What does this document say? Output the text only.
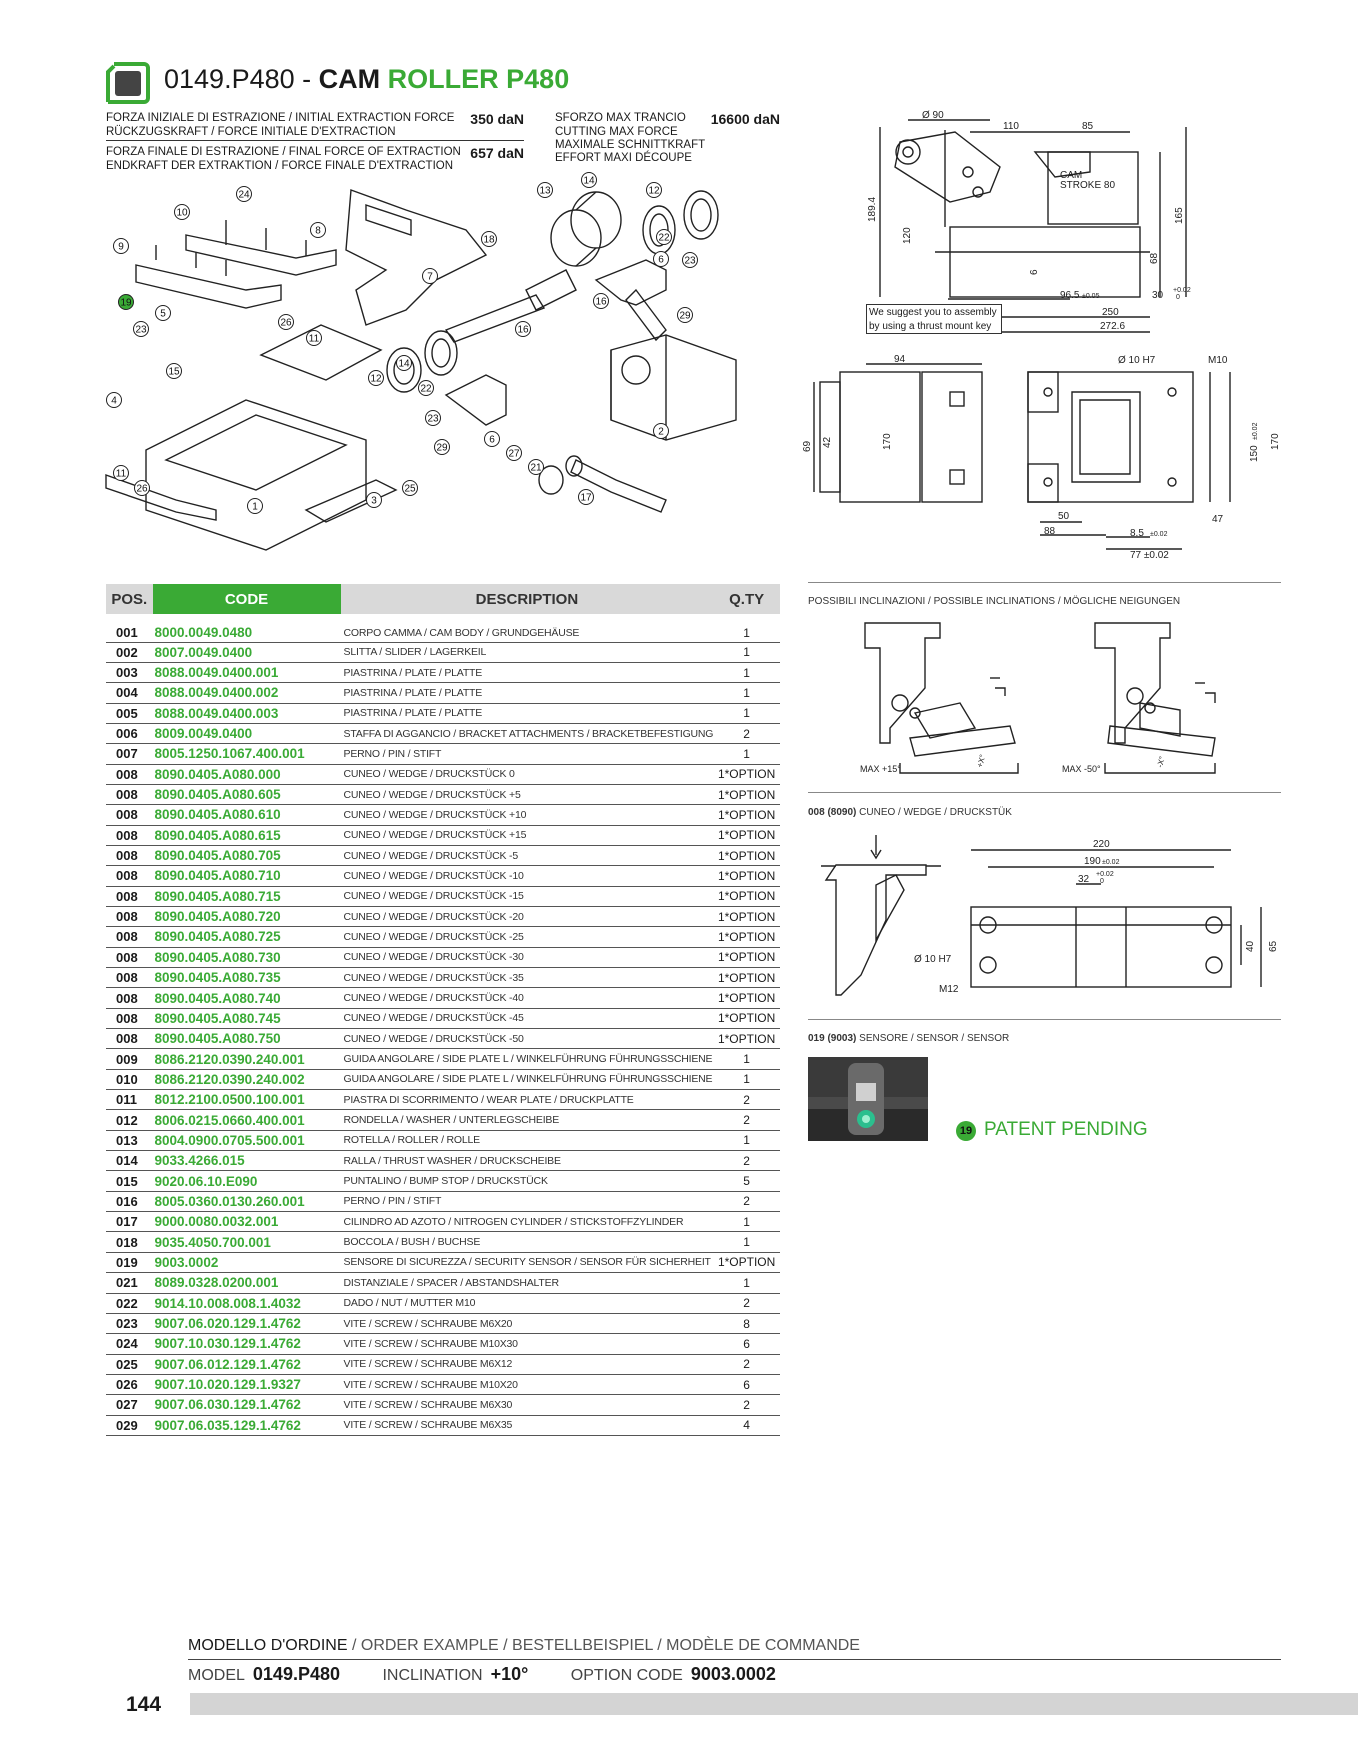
0149.P480 - CAM ROLLER P480
FORZA INIZIALE DI ESTRAZIONE / INITIAL EXTRACTION FORCE
RÜCKZUGSKRAFT / FORCE INITIALE D'EXTRACTION
350 daN
FORZA FINALE DI ESTRAZIONE / FINAL FORCE OF EXTRACTION
ENDKRAFT DER EXTRAKTION / FORCE FINALE D'EXTRACTION
657 daN
SFORZO MAX TRANCIO
CUTTING MAX FORCE
MAXIMALE SCHNITTKRAFT
EFFORT MAXI DÉCOUPE
16600 daN
24
10
9
19
8
13
14
12
22
6 23
18
7
16
29
5
23
15
4
26
11
12
14
22
23
29
6
27
21
16
2
17
11
26
1
3
25
POS.	CODE	DESCRIPTION	Q.TY
001	8000.0049.0480	CORPO CAMMA / CAM BODY / GRUNDGEHÄUSE	1
002	8007.0049.0400	SLITTA / SLIDER / LAGERKEIL	1
003	8088.0049.0400.001	PIASTRINA / PLATE / PLATTE	1
004	8088.0049.0400.002	PIASTRINA / PLATE / PLATTE	1
005	8088.0049.0400.003	PIASTRINA / PLATE / PLATTE	1
006	8009.0049.0400	STAFFA DI AGGANCIO / BRACKET ATTACHMENTS / BRACKETBEFESTIGUNG	2
007	8005.1250.1067.400.001	PERNO / PIN / STIFT	1
008	8090.0405.A080.000	CUNEO / WEDGE / DRUCKSTÜCK 0	1*OPTION
008	8090.0405.A080.605	CUNEO / WEDGE / DRUCKSTÜCK +5	1*OPTION
008	8090.0405.A080.610	CUNEO / WEDGE / DRUCKSTÜCK +10	1*OPTION
008	8090.0405.A080.615	CUNEO / WEDGE / DRUCKSTÜCK +15	1*OPTION
008	8090.0405.A080.705	CUNEO / WEDGE / DRUCKSTÜCK -5	1*OPTION
008	8090.0405.A080.710	CUNEO / WEDGE / DRUCKSTÜCK -10	1*OPTION
008	8090.0405.A080.715	CUNEO / WEDGE / DRUCKSTÜCK -15	1*OPTION
008	8090.0405.A080.720	CUNEO / WEDGE / DRUCKSTÜCK -20	1*OPTION
008	8090.0405.A080.725	CUNEO / WEDGE / DRUCKSTÜCK -25	1*OPTION
008	8090.0405.A080.730	CUNEO / WEDGE / DRUCKSTÜCK -30	1*OPTION
008	8090.0405.A080.735	CUNEO / WEDGE / DRUCKSTÜCK -35	1*OPTION
008	8090.0405.A080.740	CUNEO / WEDGE / DRUCKSTÜCK -40	1*OPTION
008	8090.0405.A080.745	CUNEO / WEDGE / DRUCKSTÜCK -45	1*OPTION
008	8090.0405.A080.750	CUNEO / WEDGE / DRUCKSTÜCK -50	1*OPTION
009	8086.2120.0390.240.001	GUIDA ANGOLARE / SIDE PLATE L / WINKELFÜHRUNG FÜHRUNGSSCHIENE	1
010	8086.2120.0390.240.002	GUIDA ANGOLARE / SIDE PLATE L / WINKELFÜHRUNG FÜHRUNGSSCHIENE	1
011	8012.2100.0500.100.001	PIASTRA DI SCORRIMENTO / WEAR PLATE / DRUCKPLATTE	2
012	8006.0215.0660.400.001	RONDELLA / WASHER / UNTERLEGSCHEIBE	2
013	8004.0900.0705.500.001	ROTELLA / ROLLER / ROLLE	1
014	9033.4266.015	RALLA / THRUST WASHER / DRUCKSCHEIBE	2
015	9020.06.10.E090	PUNTALINO / BUMP STOP / DRUCKSTÜCK	5
016	8005.0360.0130.260.001	PERNO / PIN / STIFT	2
017	9000.0080.0032.001	CILINDRO AD AZOTO / NITROGEN CYLINDER / STICKSTOFFZYLINDER	1
018	9035.4050.700.001	BOCCOLA / BUSH / BUCHSE	1
019	9003.0002	SENSORE DI SICUREZZA / SECURITY SENSOR / SENSOR FÜR SICHERHEIT	1*OPTION
021	8089.0328.0200.001	DISTANZIALE / SPACER / ABSTANDSHALTER	1
022	9014.10.008.008.1.4032	DADO / NUT / MUTTER M10	2
023	9007.06.020.129.1.4762	VITE / SCREW / SCHRAUBE M6X20	8
024	9007.10.030.129.1.4762	VITE / SCREW / SCHRAUBE M10X30	6
025	9007.06.012.129.1.4762	VITE / SCREW / SCHRAUBE M6X12	2
026	9007.10.020.129.1.9327	VITE / SCREW / SCHRAUBE M10X20	6
027	9007.06.030.129.1.4762	VITE / SCREW / SCHRAUBE M6X30	2
029	9007.06.035.129.1.4762	VITE / SCREW / SCHRAUBE M6X35	4
Ø 90
110	85
CAM
STROKE 80
189.4
120
165
68
6
96.5 ±0.05	30 +0.02
0
250
272.6
We suggest you to assembly by using a thrust mount key
94
69 42	170
Ø 10 H7	M10
150
±0.02
170
50
88	8.5 ±0.02
47
77 ±0.02
POSSIBILI INCLINAZIONI / POSSIBLE INCLINATIONS / MÖGLICHE NEIGUNGEN
MAX +15°	MAX -50°
+X°	-X°
008 (8090) CUNEO / WEDGE / DRUCKSTÜK
220
190 ±0.02
+0.02
32 0
40 65
Ø 10 H7
M12
019 (9003) SENSORE / SENSOR / SENSOR
19 PATENT PENDING
MODELLO D'ORDINE / ORDER EXAMPLE / BESTELLBEISPIEL / MODÈLE DE COMMANDE
MODEL 0149.P480	INCLINATION +10°	OPTION CODE 9003.0002
144
